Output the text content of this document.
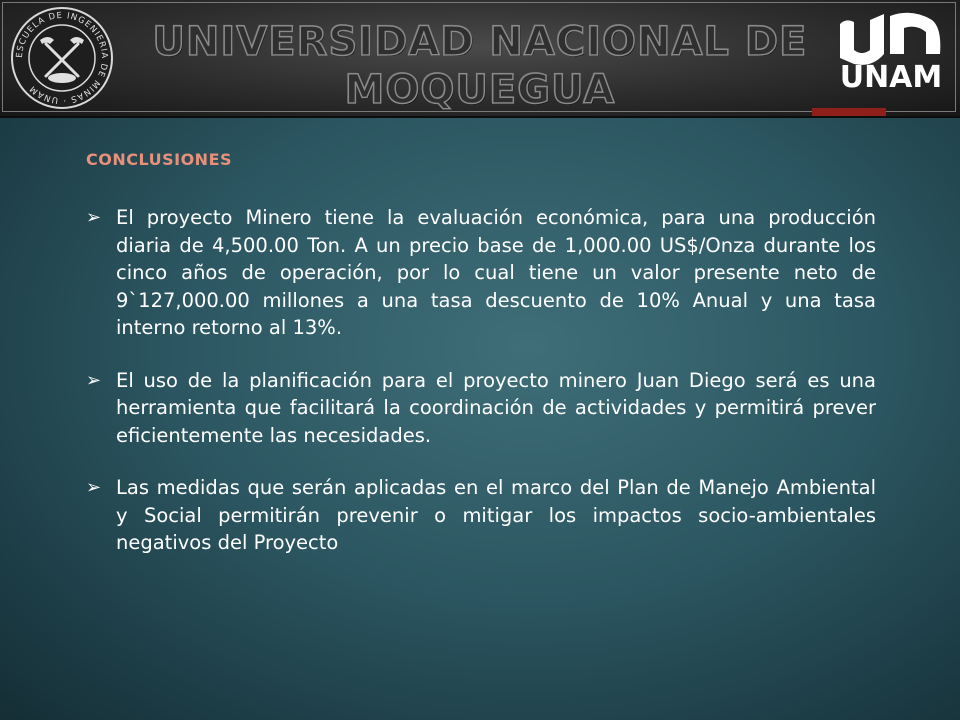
ESCUELA DE INGENIERIA DE MINAS · UNAM
UNIVERSIDAD NACIONAL DE
MOQUEGUA	UNAM
CONCLUSIONES
➢ El proyecto Minero tiene la evaluación económica, para una producción diaria de 4,500.00 Ton. A un precio base de 1,000.00 US$/Onza durante los cinco años de operación, por lo cual tiene un valor presente neto de 9`127,000.00 millones a una tasa descuento de 10% Anual y una tasa interno retorno al 13%.
➢ El uso de la planificación para el proyecto minero Juan Diego será es una herramienta que facilitará la coordinación de actividades y permitirá prever eficientemente las necesidades.
➢ Las medidas que serán aplicadas en el marco del Plan de Manejo Ambiental y Social permitirán prevenir o mitigar los impactos socio-ambientales negativos del Proyecto
